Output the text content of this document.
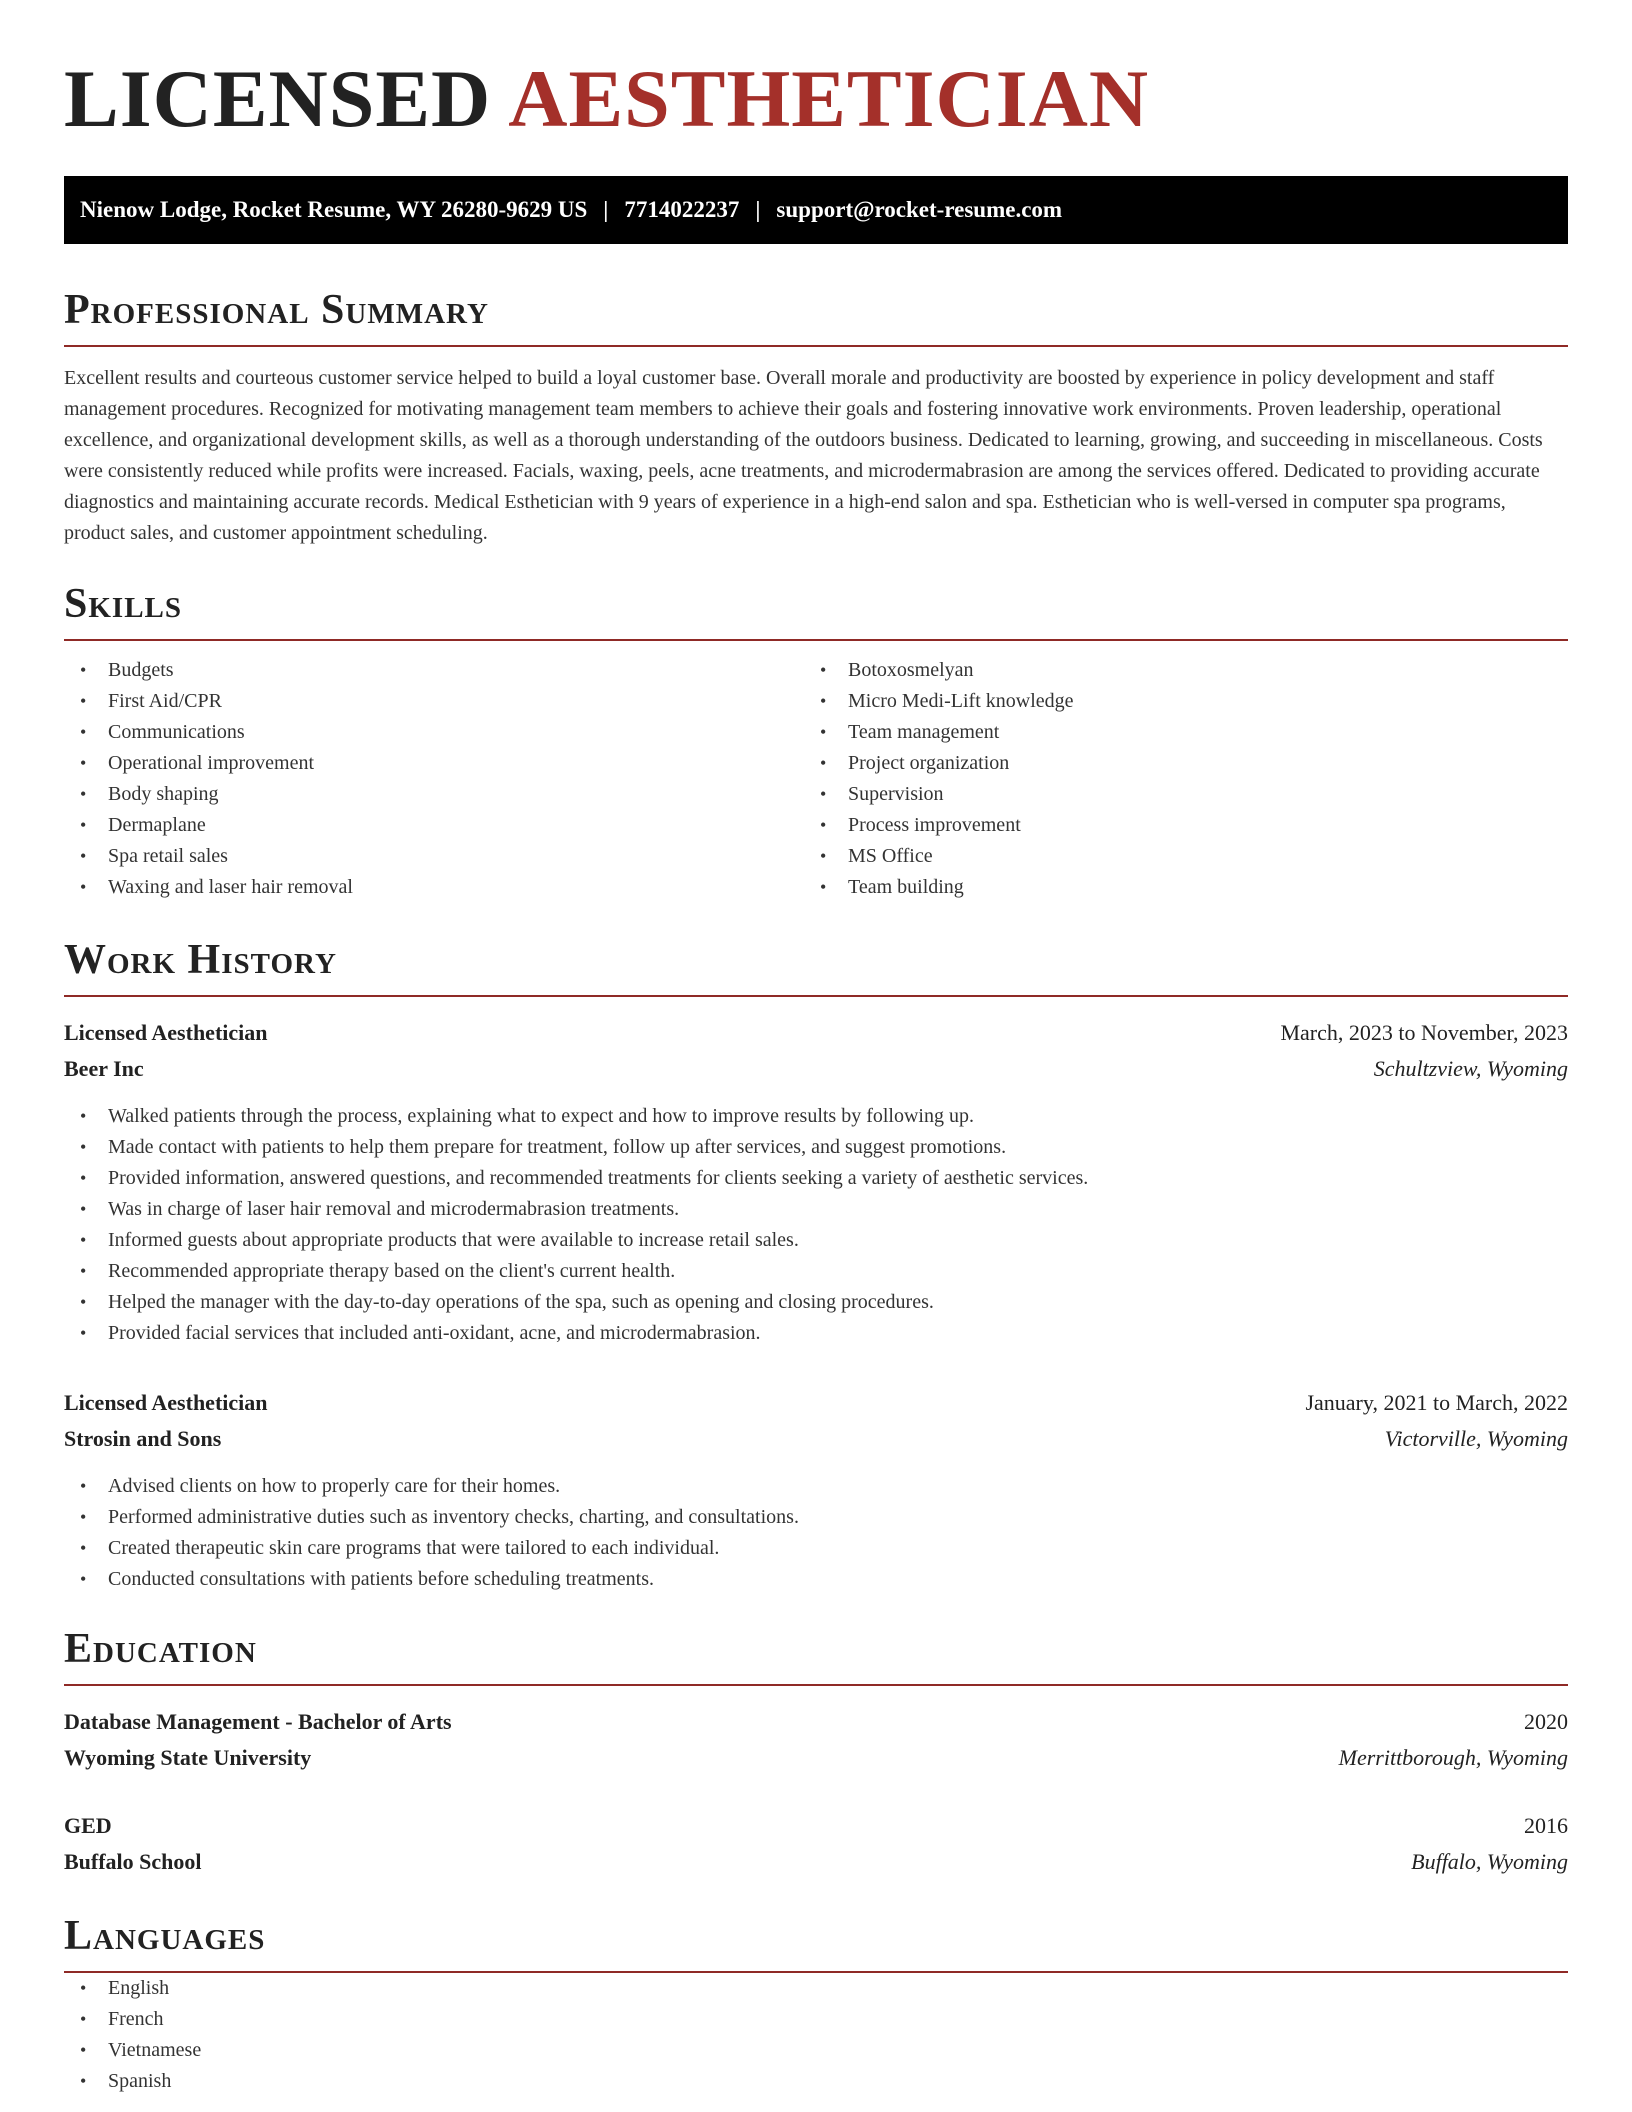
LICENSED AESTHETICIAN
Nienow Lodge, Rocket Resume, WY 26280-9629 US | 7714022237 | support@rocket-resume.com
Professional Summary

Excellent results and courteous customer service helped to build a loyal customer base. Overall morale and productivity are boosted by experience in policy development and staff management procedures. Recognized for motivating management team members to achieve their goals and fostering innovative work environments. Proven leadership, operational excellence, and organizational development skills, as well as a thorough understanding of the outdoors business. Dedicated to learning, growing, and succeeding in miscellaneous. Costs were consistently reduced while profits were increased. Facials, waxing, peels, acne treatments, and microdermabrasion are among the services offered. Dedicated to providing accurate diagnostics and maintaining accurate records. Medical Esthetician with 9 years of experience in a high-end salon and spa. Esthetician who is well-versed in computer spa programs, product sales, and customer appointment scheduling.

Skills
• Budgets
• First Aid/CPR
• Communications
• Operational improvement
• Body shaping
• Dermaplane
• Spa retail sales
• Waxing and laser hair removal
• Botoxosmelyan
• Micro Medi-Lift knowledge
• Team management
• Project organization
• Supervision
• Process improvement
• MS Office
• Team building
Work History
Licensed Aesthetician	March, 2023 to November, 2023
Beer Inc	Schultzview, Wyoming
• Walked patients through the process, explaining what to expect and how to improve results by following up.
• Made contact with patients to help them prepare for treatment, follow up after services, and suggest promotions.
• Provided information, answered questions, and recommended treatments for clients seeking a variety of aesthetic services.
• Was in charge of laser hair removal and microdermabrasion treatments.
• Informed guests about appropriate products that were available to increase retail sales.
• Recommended appropriate therapy based on the client's current health.
• Helped the manager with the day-to-day operations of the spa, such as opening and closing procedures.
• Provided facial services that included anti-oxidant, acne, and microdermabrasion.
Licensed Aesthetician	January, 2021 to March, 2022
Strosin and Sons	Victorville, Wyoming
• Advised clients on how to properly care for their homes.
• Performed administrative duties such as inventory checks, charting, and consultations.
• Created therapeutic skin care programs that were tailored to each individual.
• Conducted consultations with patients before scheduling treatments.
Education
Database Management - Bachelor of Arts	2020
Wyoming State University	Merrittborough, Wyoming
GED	2016
Buffalo School	Buffalo, Wyoming
Languages
• English
• French
• Vietnamese
• Spanish
